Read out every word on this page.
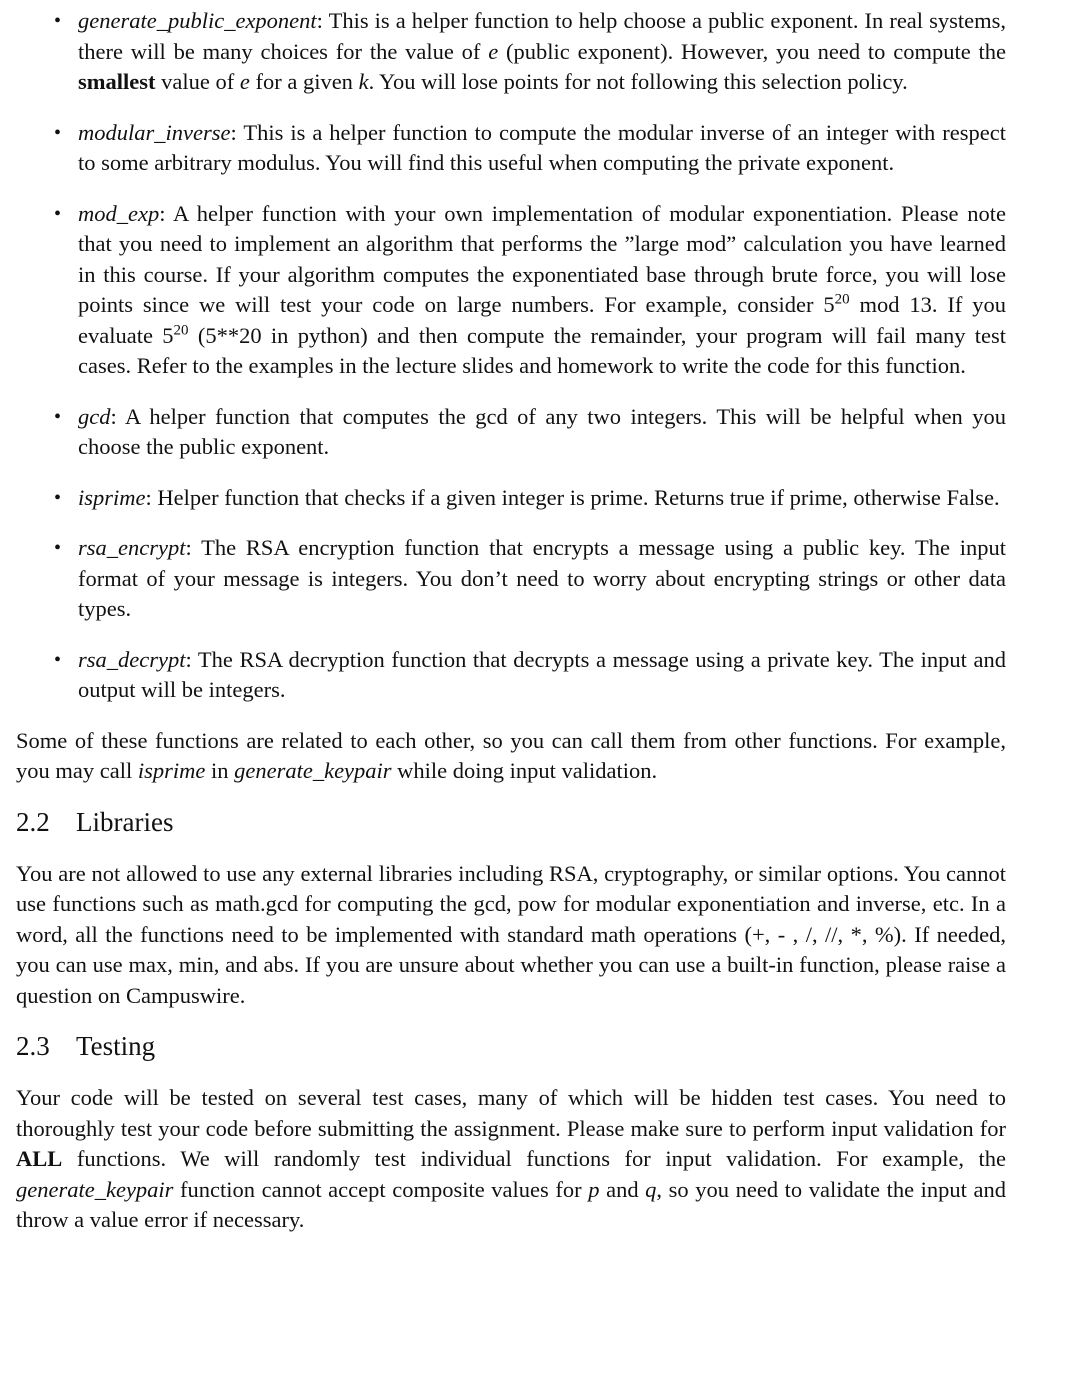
• generate_public_exponent: This is a helper function to help choose a public exponent. In real systems, there will be many choices for the value of e (public exponent). However, you need to compute the smallest value of e for a given k. You will lose points for not following this selection policy.

• modular_inverse: This is a helper function to compute the modular inverse of an integer with respect to some arbitrary modulus. You will find this useful when computing the private exponent.

• mod_exp: A helper function with your own implementation of modular exponentiation. Please note that you need to implement an algorithm that performs the ”large mod” calculation you have learned in this course. If your algorithm computes the exponentiated base through brute force, you will lose points since we will test your code on large numbers. For example, consider $5^{20}$ mod 13. If you evaluate $5^{20}$ (5**20 in python) and then compute the remainder, your program will fail many test cases. Refer to the examples in the lecture slides and homework to write the code for this function.

• gcd: A helper function that computes the gcd of any two integers. This will be helpful when you choose the public exponent.

• isprime: Helper function that checks if a given integer is prime. Returns true if prime, otherwise False.

• rsa_encrypt: The RSA encryption function that encrypts a message using a public key. The input format of your message is integers. You don’t need to worry about encrypting strings or other data types.

• rsa_decrypt: The RSA decryption function that decrypts a message using a private key. The input and output will be integers.

Some of these functions are related to each other, so you can call them from other functions. For example, you may call isprime in generate_keypair while doing input validation.

2.2 Libraries

You are not allowed to use any external libraries including RSA, cryptography, or similar options. You cannot use functions such as math.gcd for computing the gcd, pow for modular exponentiation and inverse, etc. In a word, all the functions need to be implemented with standard math operations (+, - , /, //, *, %). If needed, you can use max, min, and abs. If you are unsure about whether you can use a built-in function, please raise a question on Campuswire.

2.3 Testing

Your code will be tested on several test cases, many of which will be hidden test cases. You need to thoroughly test your code before submitting the assignment. Please make sure to perform input validation for ALL functions. We will randomly test individual functions for input validation. For example, the generate_keypair function cannot accept composite values for p and q, so you need to validate the input and throw a value error if necessary.
